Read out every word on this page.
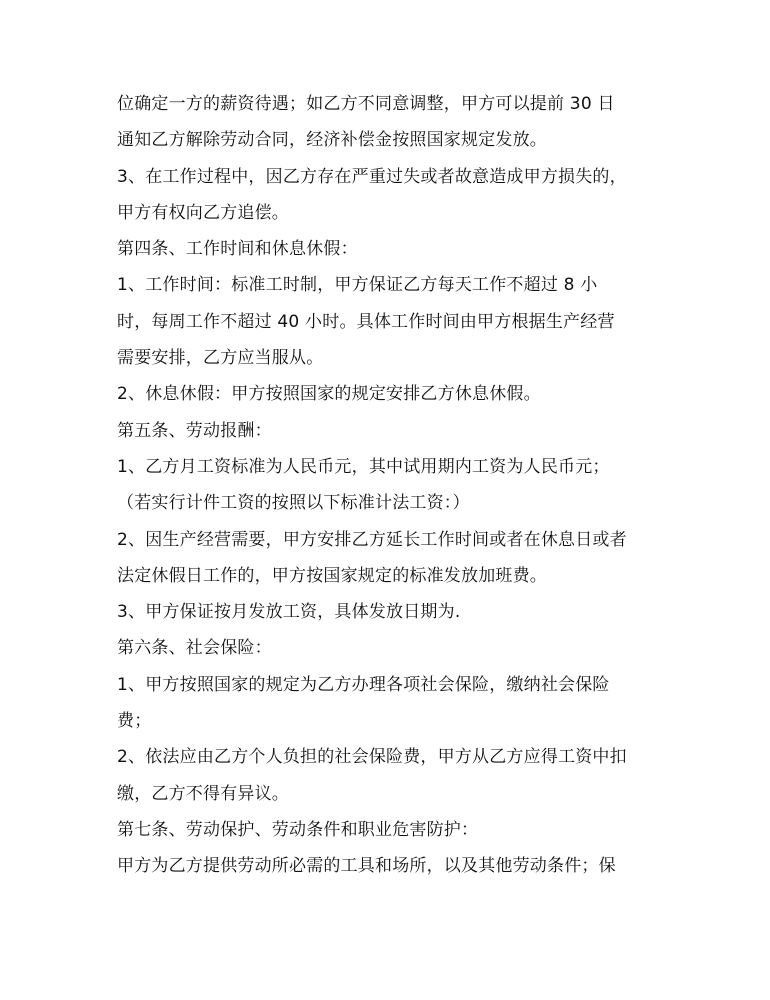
位确定一方的薪资待遇；如乙方不同意调整，甲方可以提前 30 日
通知乙方解除劳动合同，经济补偿金按照国家规定发放。
3、在工作过程中，因乙方存在严重过失或者故意造成甲方损失的，
甲方有权向乙方追偿。
第四条、工作时间和休息休假：
1、工作时间：标准工时制，甲方保证乙方每天工作不超过 8 小
时，每周工作不超过 40 小时。具体工作时间由甲方根据生产经营
需要安排，乙方应当服从。
2、休息休假：甲方按照国家的规定安排乙方休息休假。
第五条、劳动报酬：
1、乙方月工资标准为人民币元，其中试用期内工资为人民币元；
（若实行计件工资的按照以下标准计法工资：）
2、因生产经营需要，甲方安排乙方延长工作时间或者在休息日或者
法定休假日工作的，甲方按国家规定的标准发放加班费。
3、甲方保证按月发放工资，具体发放日期为.
第六条、社会保险：
1、甲方按照国家的规定为乙方办理各项社会保险，缴纳社会保险
费；
2、依法应由乙方个人负担的社会保险费，甲方从乙方应得工资中扣
缴，乙方不得有异议。
第七条、劳动保护、劳动条件和职业危害防护：
甲方为乙方提供劳动所必需的工具和场所，以及其他劳动条件；保
